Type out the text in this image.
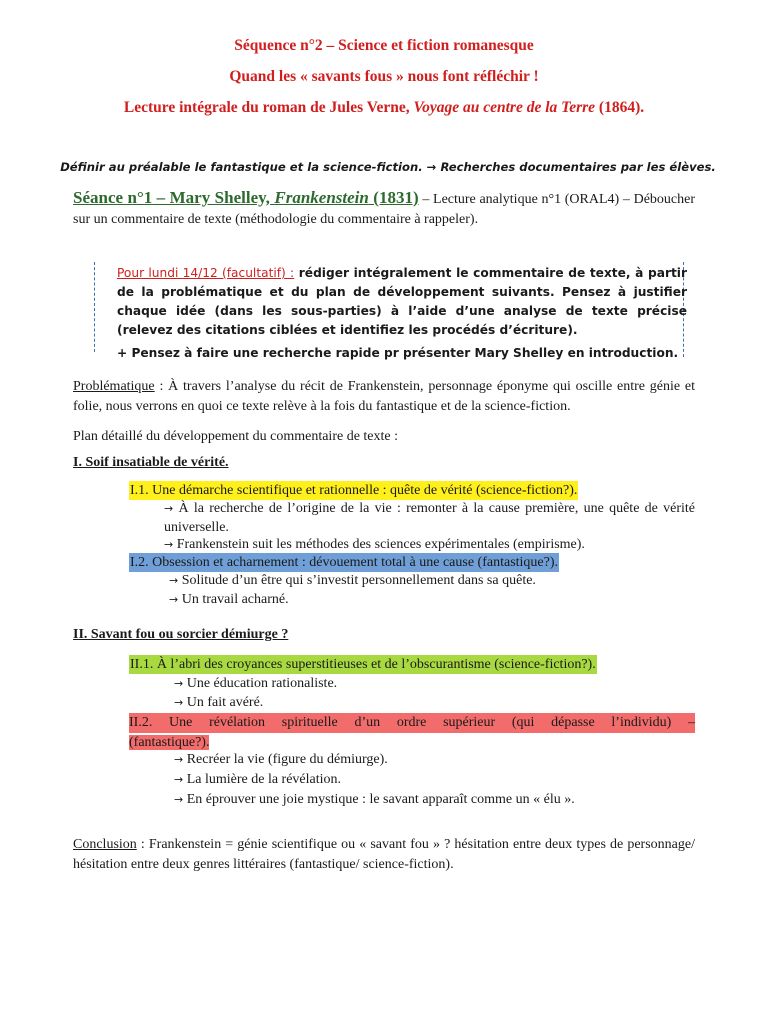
Séquence n°2 – Science et fiction romanesque
Quand les « savants fous » nous font réfléchir !
Lecture intégrale du roman de Jules Verne, Voyage au centre de la Terre (1864).
Définir au préalable le fantastique et la science-fiction. → Recherches documentaires par les élèves.
Séance n°1 – Mary Shelley, Frankenstein (1831) – Lecture analytique n°1 (ORAL4) – Déboucher sur un commentaire de texte (méthodologie du commentaire à rappeler).
Pour lundi 14/12 (facultatif) : rédiger intégralement le commentaire de texte, à partir de la problématique et du plan de développement suivants. Pensez à justifier chaque idée (dans les sous-parties) à l’aide d’une analyse de texte précise (relevez des citations ciblées et identifiez les procédés d’écriture).
+ Pensez à faire une recherche rapide pr présenter Mary Shelley en introduction.
Problématique : À travers l’analyse du récit de Frankenstein, personnage éponyme qui oscille entre génie et folie, nous verrons en quoi ce texte relève à la fois du fantastique et de la science-fiction.
Plan détaillé du développement du commentaire de texte :
I. Soif insatiable de vérité.
I.1. Une démarche scientifique et rationnelle : quête de vérité (science-fiction?).
→ À la recherche de l’origine de la vie : remonter à la cause première, une quête de vérité universelle.
→ Frankenstein suit les méthodes des sciences expérimentales (empirisme).
I.2. Obsession et acharnement : dévouement total à une cause (fantastique?).
→ Solitude d’un être qui s’investit personnellement dans sa quête.
→ Un travail acharné.
II. Savant fou ou sorcier démiurge ?
II.1. À l’abri des croyances superstitieuses et de l’obscurantisme (science-fiction?).
→ Une éducation rationaliste.
→ Un fait avéré.
II.2. Une révélation spirituelle d’un ordre supérieur (qui dépasse l’individu) –
(fantastique?).
→ Recréer la vie (figure du démiurge).
→ La lumière de la révélation.
→ En éprouver une joie mystique : le savant apparaît comme un « élu ».
Conclusion : Frankenstein = génie scientifique ou « savant fou » ? hésitation entre deux types de personnage/ hésitation entre deux genres littéraires (fantastique/ science-fiction).
